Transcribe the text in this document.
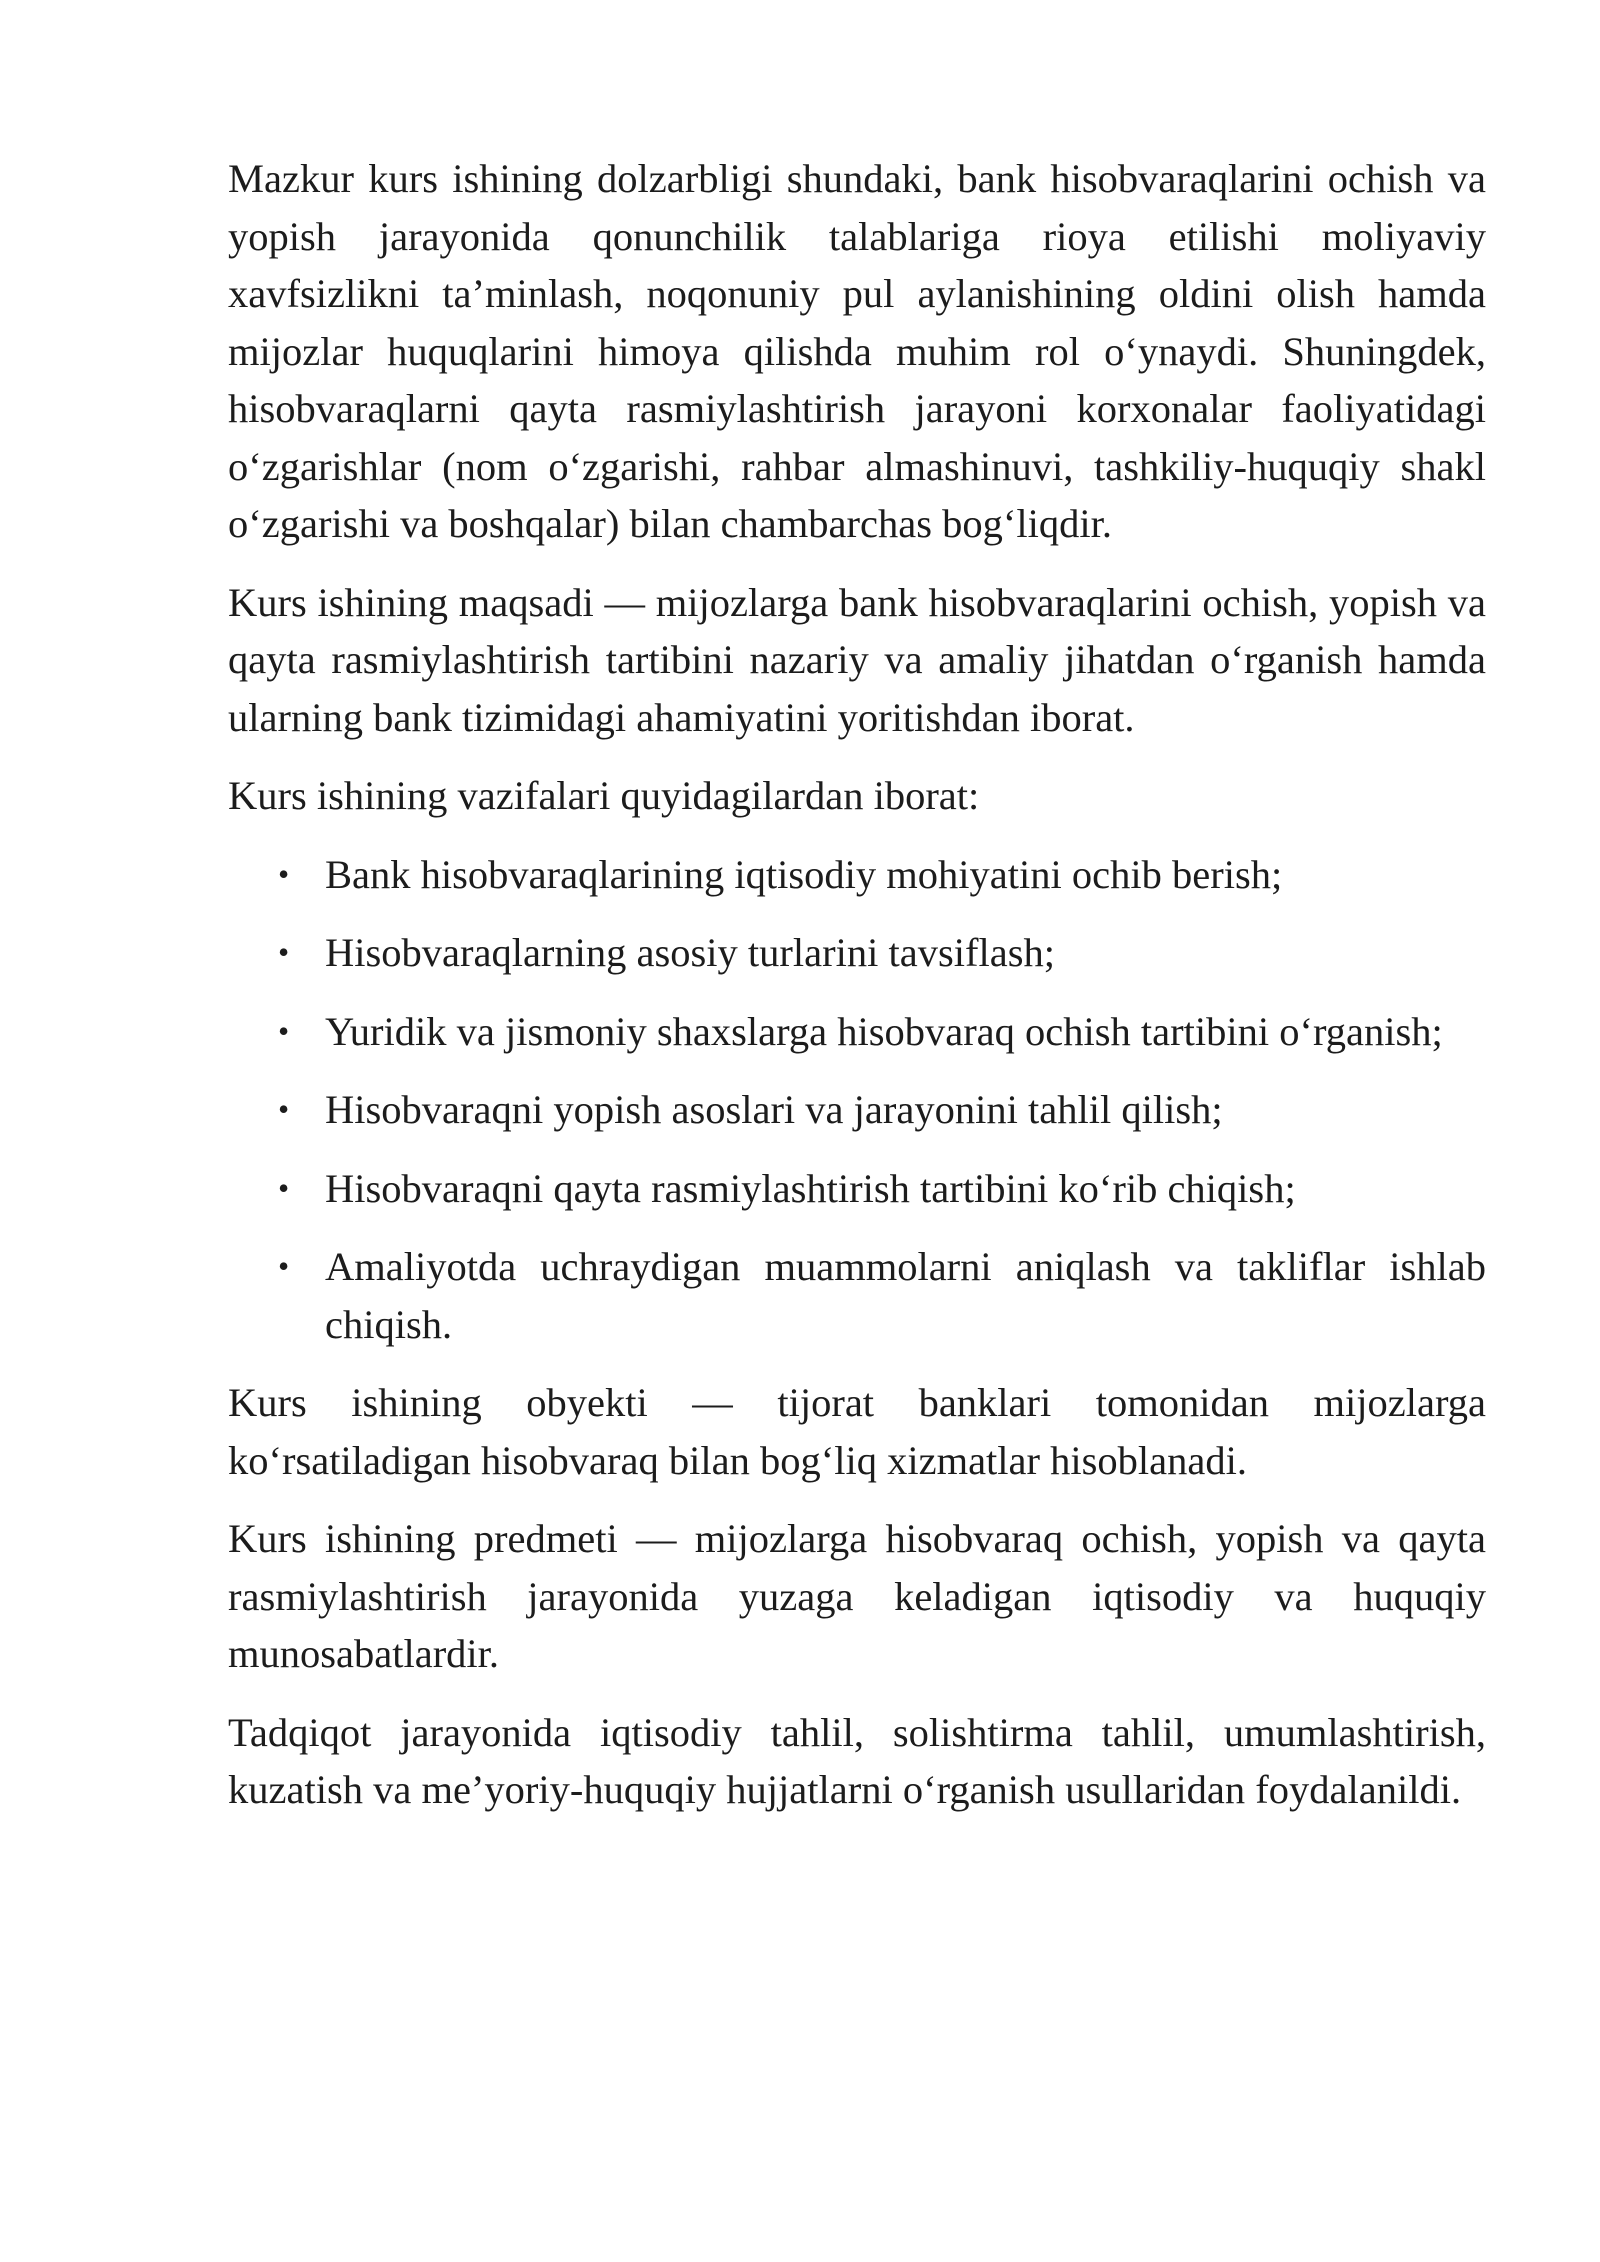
Mazkur kurs ishining dolzarbligi shundaki, bank hisobvaraqlarini ochish va yopish jarayonida qonunchilik talablariga rioya etilishi moliyaviy xavfsizlikni ta’minlash, noqonuniy pul aylanishining oldini olish hamda mijozlar huquqlarini himoya qilishda muhim rol o‘ynaydi. Shuningdek, hisobvaraqlarni qayta rasmiylashtirish jarayoni korxonalar faoliyatidagi o‘zgarishlar (nom o‘zgarishi, rahbar almashinuvi, tashkiliy-huquqiy shakl o‘zgarishi va boshqalar) bilan chambarchas bog‘liqdir.

Kurs ishining maqsadi — mijozlarga bank hisobvaraqlarini ochish, yopish va qayta rasmiylashtirish tartibini nazariy va amaliy jihatdan o‘rganish hamda ularning bank tizimidagi ahamiyatini yoritishdan iborat.

Kurs ishining vazifalari quyidagilardan iborat:

• Bank hisobvaraqlarining iqtisodiy mohiyatini ochib berish;
• Hisobvaraqlarning asosiy turlarini tavsiflash;
• Yuridik va jismoniy shaxslarga hisobvaraq ochish tartibini o‘rganish;
• Hisobvaraqni yopish asoslari va jarayonini tahlil qilish;
• Hisobvaraqni qayta rasmiylashtirish tartibini ko‘rib chiqish;
• Amaliyotda uchraydigan muammolarni aniqlash va takliflar ishlab chiqish.

Kurs ishining obyekti — tijorat banklari tomonidan mijozlarga ko‘rsatiladigan hisobvaraq bilan bog‘liq xizmatlar hisoblanadi.

Kurs ishining predmeti — mijozlarga hisobvaraq ochish, yopish va qayta rasmiylashtirish jarayonida yuzaga keladigan iqtisodiy va huquqiy munosabatlardir.

Tadqiqot jarayonida iqtisodiy tahlil, solishtirma tahlil, umumlashtirish, kuzatish va me’yoriy-huquqiy hujjatlarni o‘rganish usullaridan foydalanildi.
